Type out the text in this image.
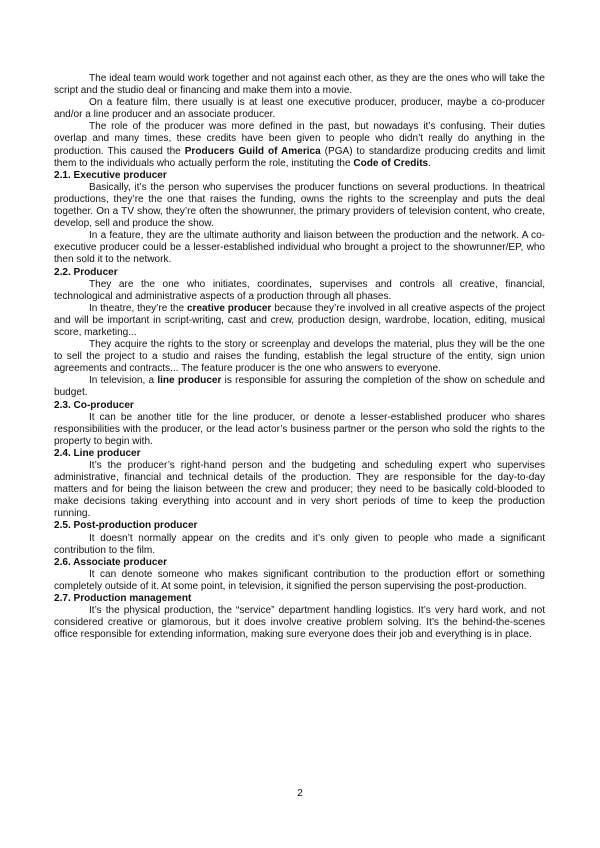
The ideal team would work together and not against each other, as they are the ones who will take the script and the studio deal or financing and make them into a movie.

On a feature film, there usually is at least one executive producer, producer, maybe a co-producer and/or a line producer and an associate producer.

The role of the producer was more defined in the past, but nowadays it’s confusing. Their duties overlap and many times, these credits have been given to people who didn’t really do anything in the production. This caused the Producers Guild of America (PGA) to standardize producing credits and limit them to the individuals who actually perform the role, instituting the Code of Credits.

2.1. Executive producer

Basically, it’s the person who supervises the producer functions on several productions. In theatrical productions, they’re the one that raises the funding, owns the rights to the screenplay and puts the deal together. On a TV show, they’re often the showrunner, the primary providers of television content, who create, develop, sell and produce the show.

In a feature, they are the ultimate authority and liaison between the production and the network. A co-executive producer could be a lesser-established individual who brought a project to the showrunner/EP, who then sold it to the network.

2.2. Producer

They are the one who initiates, coordinates, supervises and controls all creative, financial, technological and administrative aspects of a production through all phases.

In theatre, they’re the creative producer because they’re involved in all creative aspects of the project and will be important in script-writing, cast and crew, production design, wardrobe, location, editing, musical score, marketing...

They acquire the rights to the story or screenplay and develops the material, plus they will be the one to sell the project to a studio and raises the funding, establish the legal structure of the entity, sign union agreements and contracts... The feature producer is the one who answers to everyone.

In television, a line producer is responsible for assuring the completion of the show on schedule and budget.

2.3. Co-producer

It can be another title for the line producer, or denote a lesser-established producer who shares responsibilities with the producer, or the lead actor’s business partner or the person who sold the rights to the property to begin with.

2.4. Line producer

It’s the producer’s right-hand person and the budgeting and scheduling expert who supervises administrative, financial and technical details of the production. They are responsible for the day-to-day matters and for being the liaison between the crew and producer; they need to be basically cold-blooded to make decisions taking everything into account and in very short periods of time to keep the production running.

2.5. Post-production producer

It doesn’t normally appear on the credits and it’s only given to people who made a significant contribution to the film.

2.6. Associate producer

It can denote someone who makes significant contribution to the production effort or something completely outside of it. At some point, in television, it signified the person supervising the post-production.

2.7. Production management

It’s the physical production, the “service” department handling logistics. It’s very hard work, and not considered creative or glamorous, but it does involve creative problem solving. It’s the behind-the-scenes office responsible for extending information, making sure everyone does their job and everything is in place.

2
